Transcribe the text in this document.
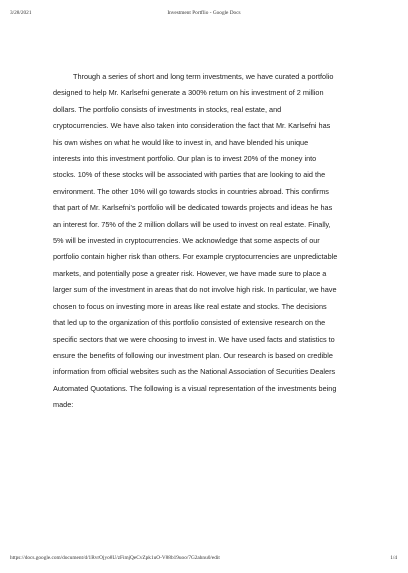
3/28/2021	Investment Portflio - Google Docs

Through a series of short and long term investments, we have curated a portfolio
designed to help Mr. Karlsefni generate a 300% return on his investment of 2 million
dollars. The portfolio consists of investments in stocks, real estate, and
cryptocurrencies. We have also taken into consideration the fact that Mr. Karlsefni has
his own wishes on what he would like to invest in, and have blended his unique
interests into this investment portfolio. Our plan is to invest 20% of the money into
stocks. 10% of these stocks will be associated with parties that are looking to aid the
environment. The other 10% will go towards stocks in countries abroad. This confirms
that part of Mr. Karlsefni's portfolio will be dedicated towards projects and ideas he has
an interest for. 75% of the 2 million dollars will be used to invest on real estate. Finally,
5% will be invested in cryptocurrencies. We acknowledge that some aspects of our
portfolio contain higher risk than others. For example cryptocurrencies are unpredictable
markets, and potentially pose a greater risk. However, we have made sure to place a
larger sum of the investment in areas that do not involve high risk. In particular, we have
chosen to focus on investing more in areas like real estate and stocks. The decisions
that led up to the organization of this portfolio consisted of extensive research on the
specific sectors that we were choosing to invest in. We have used facts and statistics to
ensure the benefits of following our investment plan. Our research is based on credible
information from official websites such as the National Association of Securities Dealers
Automated Quotations. The following is a visual representation of the investments being
made:

https://docs.google.com/document/d/1RvrOjyo8U/zFimjQeCvZpk1uO-V88b19uoo/7G2ahnu0/edit	1/4
